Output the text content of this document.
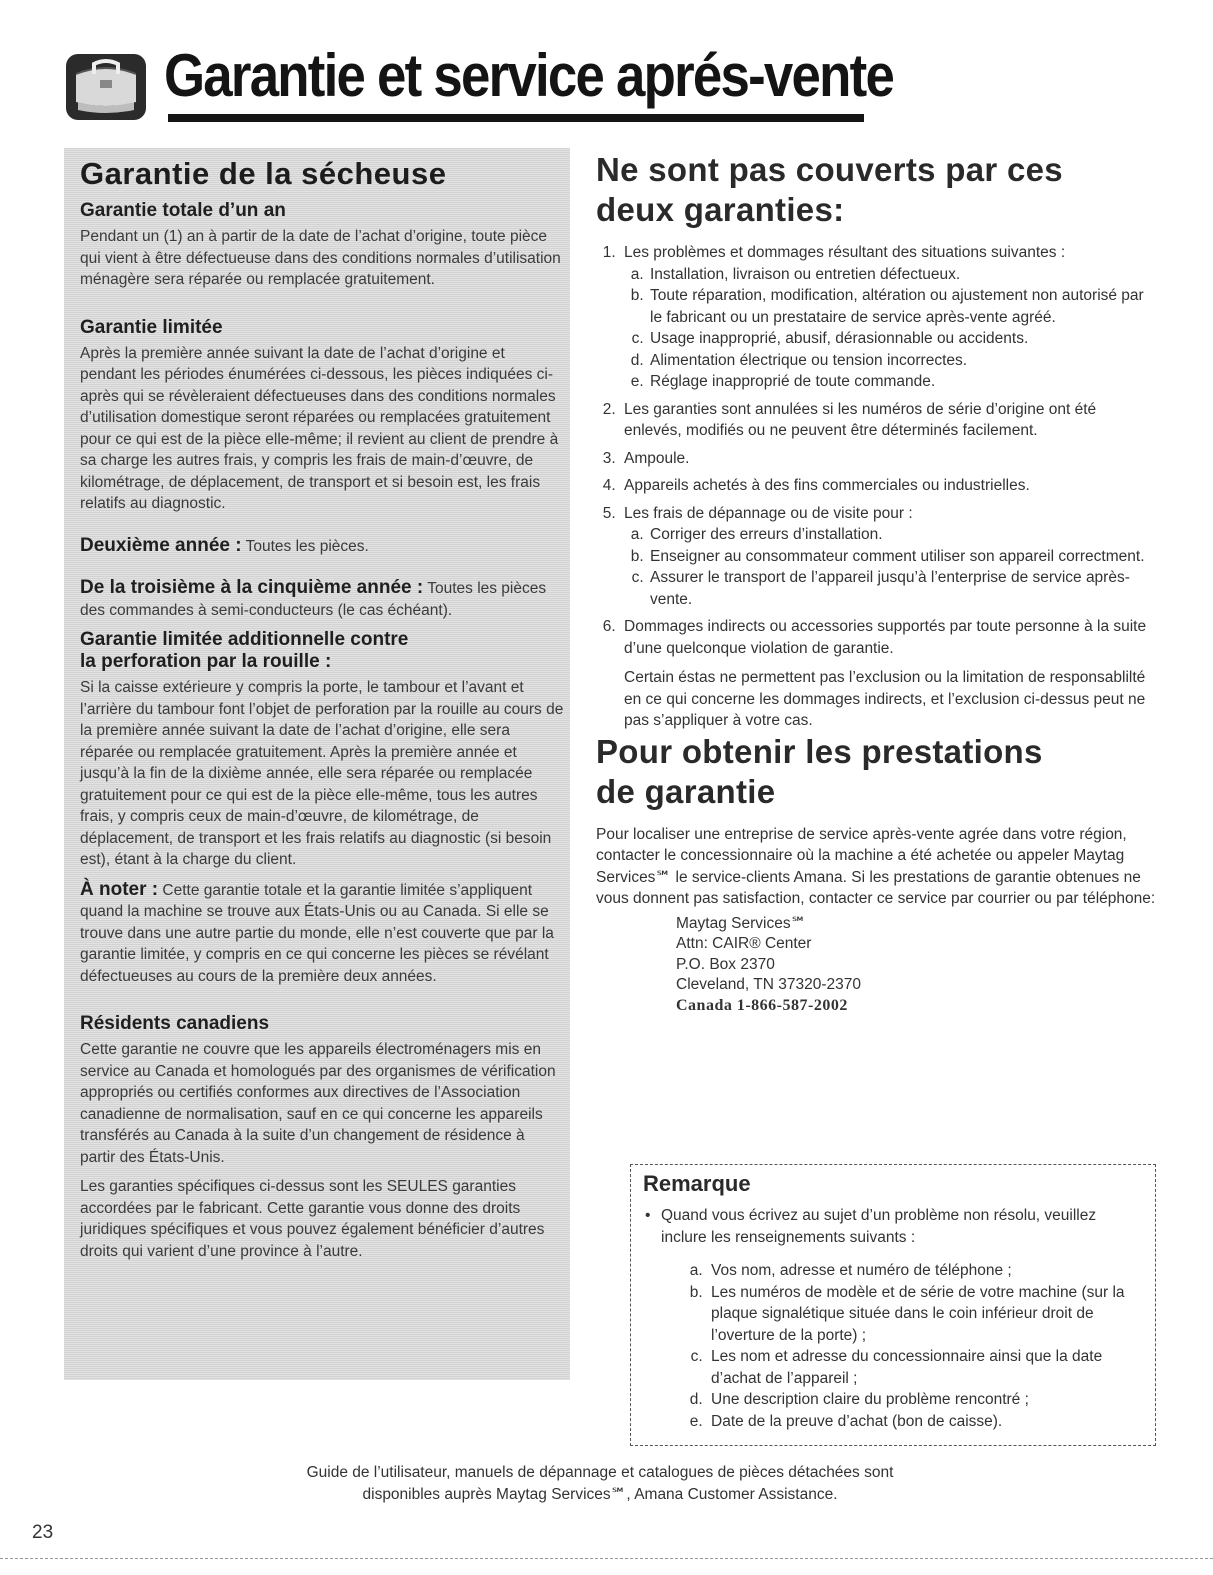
Garantie et service aprés-vente
Garantie de la sécheuse
Garantie totale d’un an

Pendant un (1) an à partir de la date de l’achat d’origine, toute pièce qui vient à être défectueuse dans des conditions normales d’utilisation ménagère sera réparée ou remplacée gratuitement.

Garantie limitée

Après la première année suivant la date de l’achat d’origine et pendant les périodes énumérées ci-dessous, les pièces indiquées ci-après qui se révèleraient défectueuses dans des conditions normales d’utilisation domestique seront réparées ou remplacées gratuitement pour ce qui est de la pièce elle-même; il revient au client de prendre à sa charge les autres frais, y compris les frais de main-d’œuvre, de kilométrage, de déplacement, de transport et si besoin est, les frais relatifs au diagnostic.

Deuxième année : Toutes les pièces.

De la troisième à la cinquième année : Toutes les pièces des commandes à semi-conducteurs (le cas échéant).

Garantie limitée additionnelle contre
la perforation par la rouille :

Si la caisse extérieure y compris la porte, le tambour et l’avant et l’arrière du tambour font l’objet de perforation par la rouille au cours de la première année suivant la date de l’achat d’origine, elle sera réparée ou remplacée gratuitement. Après la première année et jusqu’à la fin de la dixième année, elle sera réparée ou remplacée gratuitement pour ce qui est de la pièce elle-même, tous les autres frais, y compris ceux de main-d’œuvre, de kilométrage, de déplacement, de transport et les frais relatifs au diagnostic (si besoin est), étant à la charge du client.

À noter : Cette garantie totale et la garantie limitée s’appliquent quand la machine se trouve aux États-Unis ou au Canada. Si elle se trouve dans une autre partie du monde, elle n’est couverte que par la garantie limitée, y compris en ce qui concerne les pièces se révélant défectueuses au cours de la première deux années.

Résidents canadiens

Cette garantie ne couvre que les appareils électroménagers mis en service au Canada et homologués par des organismes de vérification appropriés ou certifiés conformes aux directives de l’Association canadienne de normalisation, sauf en ce qui concerne les appareils transférés au Canada à la suite d’un changement de résidence à partir des États-Unis.

Les garanties spécifiques ci-dessus sont les SEULES garanties accordées par le fabricant. Cette garantie vous donne des droits juridiques spécifiques et vous pouvez également bénéficier d’autres droits qui varient d’une province à l’autre.

Ne sont pas couverts par ces
deux garanties:
1. Les problèmes et dommages résultant des situations suivantes :
a. Installation, livraison ou entretien défectueux.
b. Toute réparation, modification, altération ou ajustement non autorisé par le fabricant ou un prestataire de service après-vente agréé.
c. Usage inapproprié, abusif, dérasionnable ou accidents.
d. Alimentation électrique ou tension incorrectes.
e. Réglage inapproprié de toute commande.
2. Les garanties sont annulées si les numéros de série d’origine ont été enlevés, modifiés ou ne peuvent être déterminés facilement.
3. Ampoule.
4. Appareils achetés à des fins commerciales ou industrielles.
5. Les frais de dépannage ou de visite pour :
a. Corriger des erreurs d’installation.
b. Enseigner au consommateur comment utiliser son appareil correctment.
c. Assurer le transport de l’appareil jusqu’à l’enterprise de service après-vente.
6. Dommages indirects ou accessories supportés par toute personne à la suite d’une quelconque violation de garantie.

Certain éstas ne permettent pas l’exclusion ou la limitation de responsablilté en ce qui concerne les dommages indirects, et l’exclusion ci-dessus peut ne pas s’appliquer à votre cas.

Pour obtenir les prestations
de garantie

Pour localiser une entreprise de service après-vente agrée dans votre région, contacter le concessionnaire où la machine a été achetée ou appeler Maytag Services℠ le service-clients Amana. Si les prestations de garantie obtenues ne vous donnent pas satisfaction, contacter ce service par courrier ou par téléphone:

Maytag Services℠
Attn: CAIR® Center
P.O. Box 2370
Cleveland, TN 37320-2370
Canada 1-866-587-2002
Remarque
• Quand vous écrivez au sujet d’un problème non résolu, veuillez inclure les renseignements suivants :
a. Vos nom, adresse et numéro de téléphone ;
b. Les numéros de modèle et de série de votre machine (sur la plaque signalétique située dans le coin inférieur droit de l’overture de la porte) ;
c. Les nom et adresse du concessionnaire ainsi que la date d’achat de l’appareil ;
d. Une description claire du problème rencontré ;
e. Date de la preuve d’achat (bon de caisse).
Guide de l’utilisateur, manuels de dépannage et catalogues de pièces détachées sont
disponibles auprès Maytag Services℠, Amana Customer Assistance.
23
